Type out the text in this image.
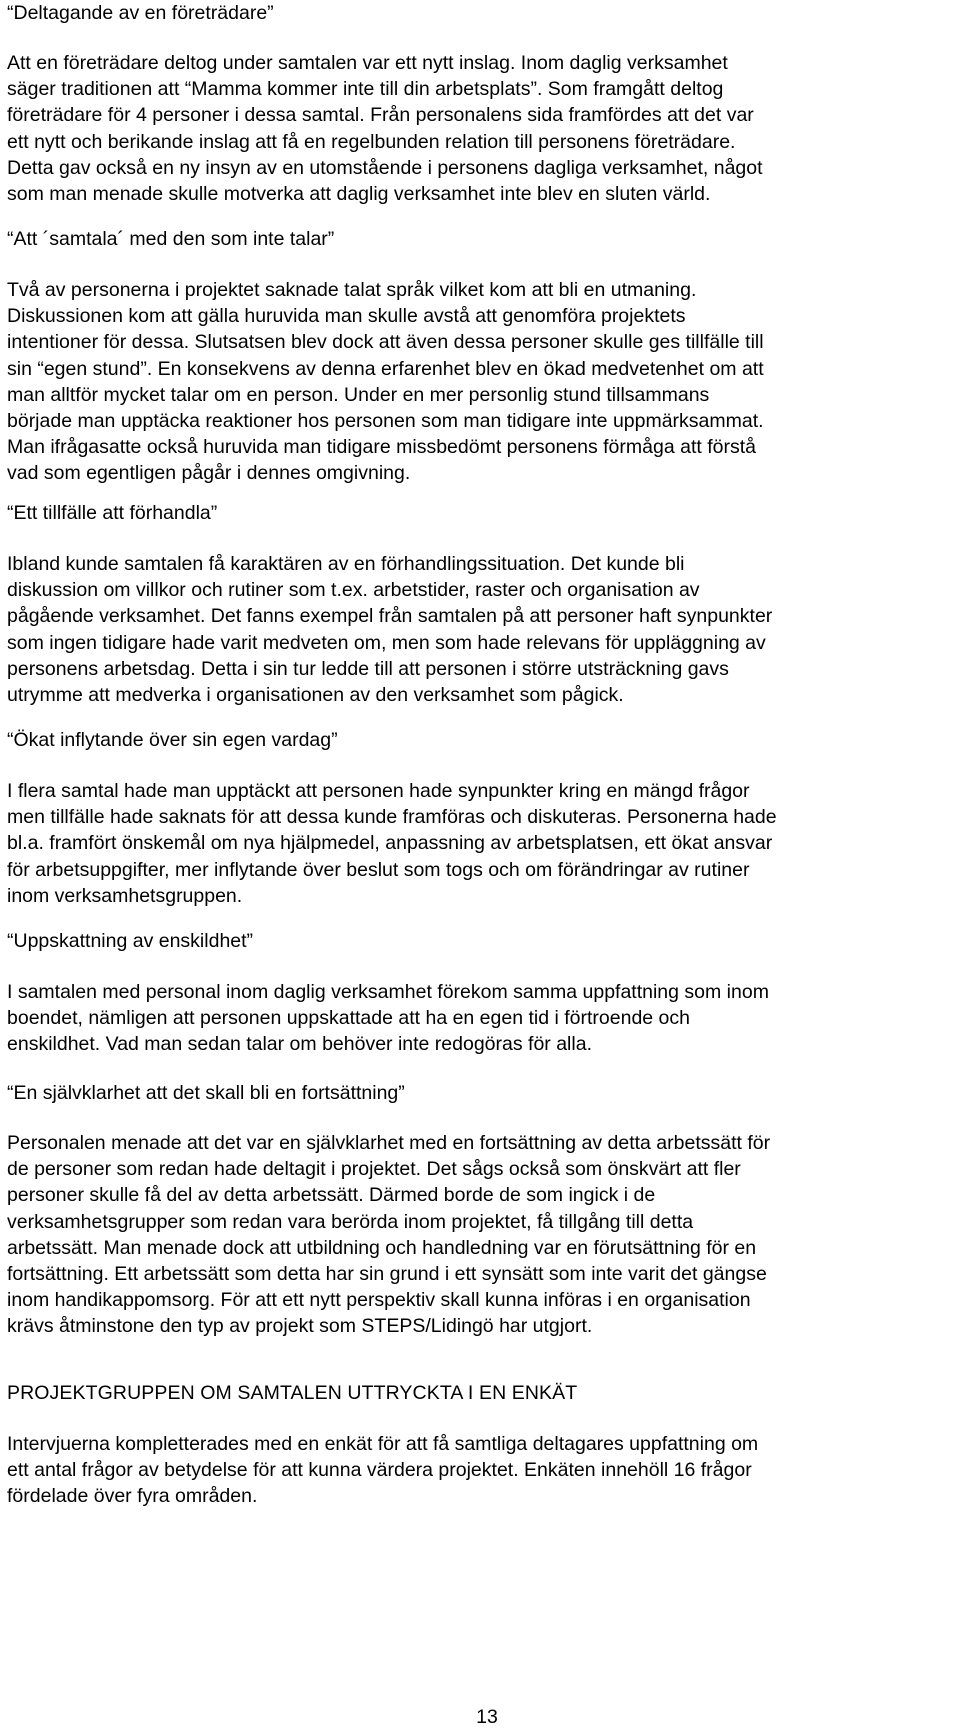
“Deltagande av en företrädare”

Att en företrädare deltog under samtalen var ett nytt inslag. Inom daglig verksamhet
säger traditionen att “Mamma kommer inte till din arbetsplats”. Som framgått deltog
företrädare för 4 personer i dessa samtal. Från personalens sida framfördes att det var
ett nytt och berikande inslag att få en regelbunden relation till personens företrädare.
Detta gav också en ny insyn av en utomstående i personens dagliga verksamhet, något
som man menade skulle motverka att daglig verksamhet inte blev en sluten värld.

“Att ´samtala´ med den som inte talar”

Två av personerna i projektet saknade talat språk vilket kom att bli en utmaning.
Diskussionen kom att gälla huruvida man skulle avstå att genomföra projektets
intentioner för dessa. Slutsatsen blev dock att även dessa personer skulle ges tillfälle till
sin “egen stund”. En konsekvens av denna erfarenhet blev en ökad medvetenhet om att
man alltför mycket talar om en person. Under en mer personlig stund tillsammans
började man upptäcka reaktioner hos personen som man tidigare inte uppmärksammat.
Man ifrågasatte också huruvida man tidigare missbedömt personens förmåga att förstå
vad som egentligen pågår i dennes omgivning.

“Ett tillfälle att förhandla”

Ibland kunde samtalen få karaktären av en förhandlingssituation. Det kunde bli
diskussion om villkor och rutiner som t.ex. arbetstider, raster och organisation av
pågående verksamhet. Det fanns exempel från samtalen på att personer haft synpunkter
som ingen tidigare hade varit medveten om, men som hade relevans för uppläggning av
personens arbetsdag. Detta i sin tur ledde till att personen i större utsträckning gavs
utrymme att medverka i organisationen av den verksamhet som pågick.

“Ökat inflytande över sin egen vardag”

I flera samtal hade man upptäckt att personen hade synpunkter kring en mängd frågor
men tillfälle hade saknats för att dessa kunde framföras och diskuteras. Personerna hade
bl.a. framfört önskemål om nya hjälpmedel, anpassning av arbetsplatsen, ett ökat ansvar
för arbetsuppgifter, mer inflytande över beslut som togs och om förändringar av rutiner
inom verksamhetsgruppen.

“Uppskattning av enskildhet”

I samtalen med personal inom daglig verksamhet förekom samma uppfattning som inom
boendet, nämligen att personen uppskattade att ha en egen tid i förtroende och
enskildhet. Vad man sedan talar om behöver inte redogöras för alla.

“En självklarhet att det skall bli en fortsättning”

Personalen menade att det var en självklarhet med en fortsättning av detta arbetssätt för
de personer som redan hade deltagit i projektet. Det sågs också som önskvärt att fler
personer skulle få del av detta arbetssätt. Därmed borde de som ingick i de
verksamhetsgrupper som redan vara berörda inom projektet, få tillgång till detta
arbetssätt. Man menade dock att utbildning och handledning var en förutsättning för en
fortsättning. Ett arbetssätt som detta har sin grund i ett synsätt som inte varit det gängse
inom handikappomsorg. För att ett nytt perspektiv skall kunna införas i en organisation
krävs åtminstone den typ av projekt som STEPS/Lidingö har utgjort.

PROJEKTGRUPPEN OM SAMTALEN UTTRYCKTA I EN ENKÄT

Intervjuerna kompletterades med en enkät för att få samtliga deltagares uppfattning om
ett antal frågor av betydelse för att kunna värdera projektet. Enkäten innehöll 16 frågor
fördelade över fyra områden.

13
